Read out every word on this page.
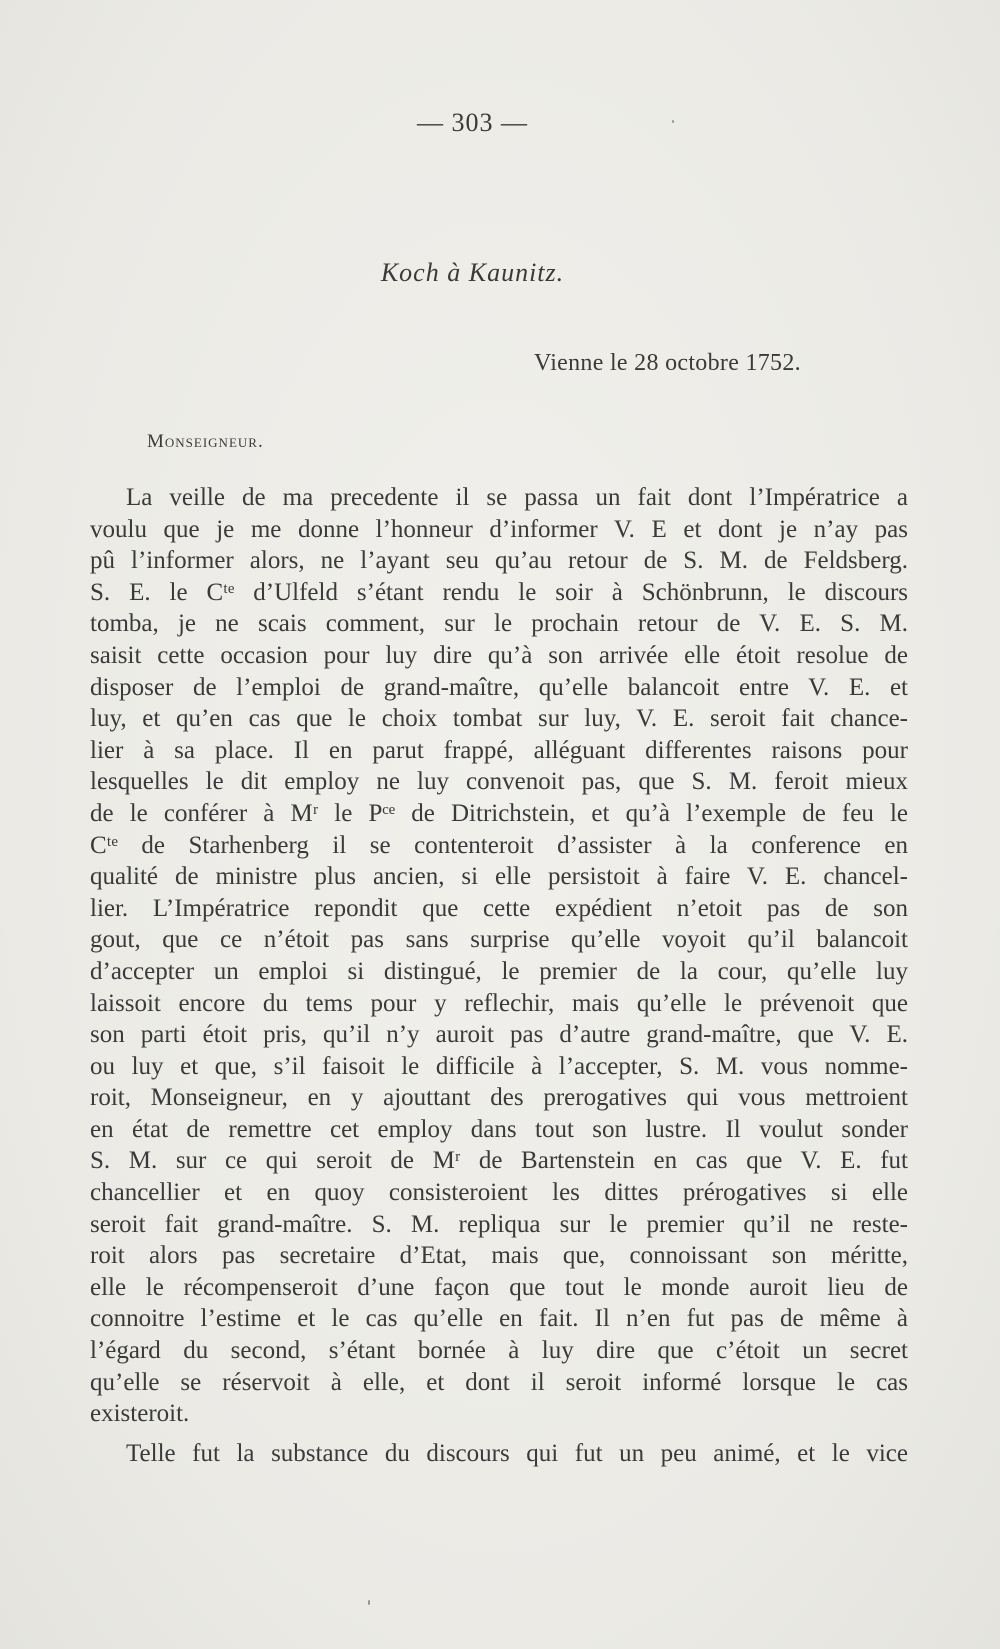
— 303 —
Koch à Kaunitz.
Vienne le 28 octobre 1752.
Monseigneur.
La veille de ma precedente il se passa un fait dont l’Impératrice a
voulu que je me donne l’honneur d’informer V. E et dont je n’ay pas
pû l’informer alors, ne l’ayant seu qu’au retour de S. M. de Feldsberg.
S. E. le Cᵗᵉ d’Ulfeld s’étant rendu le soir à Schönbrunn, le discours
tomba, je ne scais comment, sur le prochain retour de V. E. S. M.
saisit cette occasion pour luy dire qu’à son arrivée elle étoit resolue de
disposer de l’emploi de grand-maître, qu’elle balancoit entre V. E. et
luy, et qu’en cas que le choix tombat sur luy, V. E. seroit fait chance-
lier à sa place. Il en parut frappé, alléguant differentes raisons pour
lesquelles le dit employ ne luy convenoit pas, que S. M. feroit mieux
de le conférer à Mʳ le Pᶜᵉ de Ditrichstein, et qu’à l’exemple de feu le
Cᵗᵉ de Starhenberg il se contenteroit d’assister à la conference en
qualité de ministre plus ancien, si elle persistoit à faire V. E. chancel-
lier. L’Impératrice repondit que cette expédient n’etoit pas de son
gout, que ce n’étoit pas sans surprise qu’elle voyoit qu’il balancoit
d’accepter un emploi si distingué, le premier de la cour, qu’elle luy
laissoit encore du tems pour y reflechir, mais qu’elle le prévenoit que
son parti étoit pris, qu’il n’y auroit pas d’autre grand-maître, que V. E.
ou luy et que, s’il faisoit le difficile à l’accepter, S. M. vous nomme-
roit, Monseigneur, en y ajouttant des prerogatives qui vous mettroient
en état de remettre cet employ dans tout son lustre. Il voulut sonder
S. M. sur ce qui seroit de Mʳ de Bartenstein en cas que V. E. fut
chancellier et en quoy consisteroient les dittes prérogatives si elle
seroit fait grand-maître. S. M. repliqua sur le premier qu’il ne reste-
roit alors pas secretaire d’Etat, mais que, connoissant son méritte,
elle le récompenseroit d’une façon que tout le monde auroit lieu de
connoitre l’estime et le cas qu’elle en fait. Il n’en fut pas de même à
l’égard du second, s’étant bornée à luy dire que c’étoit un secret
qu’elle se réservoit à elle, et dont il seroit informé lorsque le cas
existeroit.
Telle fut la substance du discours qui fut un peu animé, et le vice
